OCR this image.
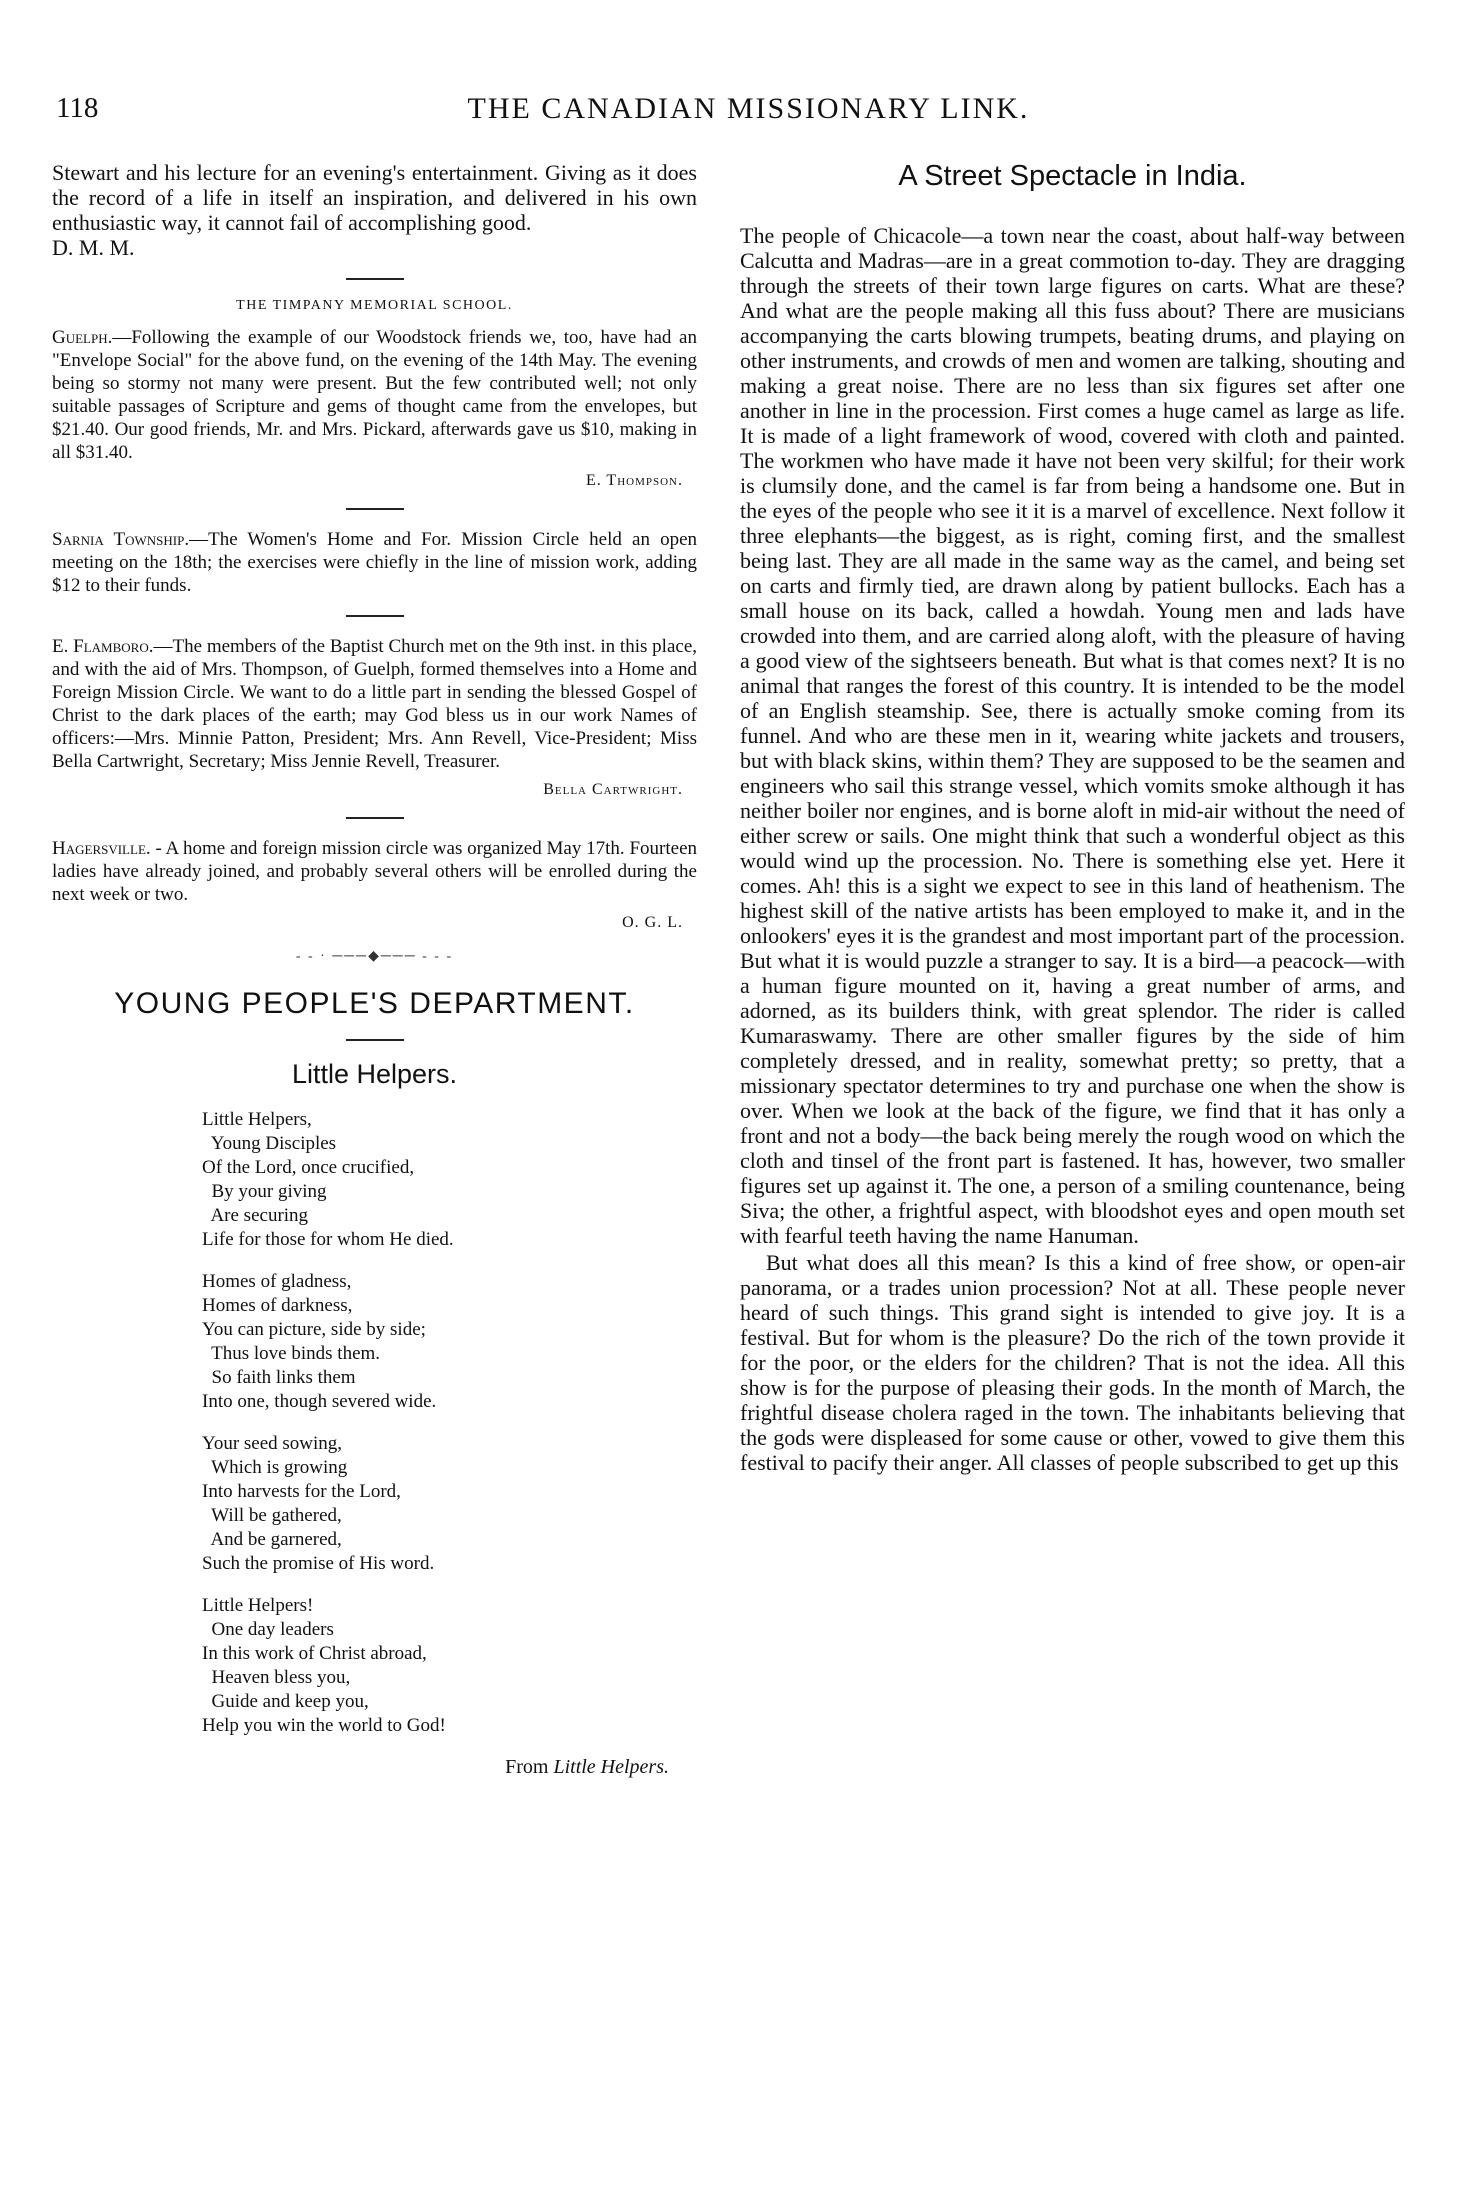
118	THE CANADIAN MISSIONARY LINK.

Stewart and his lecture for an evening's entertainment. Giving as it does the record of a life in itself an inspiration, and delivered in his own enthusiastic way, it cannot fail of accomplishing good.

D. M. M.

THE TIMPANY MEMORIAL SCHOOL.

Guelph.—Following the example of our Woodstock friends we, too, have had an "Envelope Social" for the above fund, on the evening of the 14th May. The evening being so stormy not many were present. But the few contributed well; not only suitable passages of Scripture and gems of thought came from the envelopes, but $21.40. Our good friends, Mr. and Mrs. Pickard, afterwards gave us $10, making in all $31.40.

E. Thompson.

Sarnia Township.—The Women's Home and For. Mission Circle held an open meeting on the 18th; the exercises were chiefly in the line of mission work, adding $12 to their funds.

E. Flamboro.—The members of the Baptist Church met on the 9th inst. in this place, and with the aid of Mrs. Thompson, of Guelph, formed themselves into a Home and Foreign Mission Circle. We want to do a little part in sending the blessed Gospel of Christ to the dark places of the earth; may God bless us in our work Names of officers:—Mrs. Minnie Patton, President; Mrs. Ann Revell, Vice-President; Miss Bella Cartwright, Secretary; Miss Jennie Revell, Treasurer.

Bella Cartwright.

Hagersville. - A home and foreign mission circle was organized May 17th. Fourteen ladies have already joined, and probably several others will be enrolled during the next week or two.

O. G. L.
- - · ───◆─── - - -
YOUNG PEOPLE'S DEPARTMENT.
Little Helpers.
Little Helpers,
Young Disciples
Of the Lord, once crucified,
By your giving
Are securing
Life for those for whom He died.
Homes of gladness,
Homes of darkness,
You can picture, side by side;
Thus love binds them.
So faith links them
Into one, though severed wide.
Your seed sowing,
Which is growing
Into harvests for the Lord,
Will be gathered,
And be garnered,
Such the promise of His word.
Little Helpers!
One day leaders
In this work of Christ abroad,
Heaven bless you,
Guide and keep you,
Help you win the world to God!
From Little Helpers.
A Street Spectacle in India.

The people of Chicacole—a town near the coast, about half-way between Calcutta and Madras—are in a great commotion to-day. They are dragging through the streets of their town large figures on carts. What are these? And what are the people making all this fuss about? There are musicians accompanying the carts blowing trumpets, beating drums, and playing on other instruments, and crowds of men and women are talking, shouting and making a great noise. There are no less than six figures set after one another in line in the procession. First comes a huge camel as large as life. It is made of a light framework of wood, covered with cloth and painted. The workmen who have made it have not been very skilful; for their work is clumsily done, and the camel is far from being a handsome one. But in the eyes of the people who see it it is a marvel of excellence. Next follow it three elephants—the biggest, as is right, coming first, and the smallest being last. They are all made in the same way as the camel, and being set on carts and firmly tied, are drawn along by patient bullocks. Each has a small house on its back, called a howdah. Young men and lads have crowded into them, and are carried along aloft, with the pleasure of having a good view of the sightseers beneath. But what is that comes next? It is no animal that ranges the forest of this country. It is intended to be the model of an English steamship. See, there is actually smoke coming from its funnel. And who are these men in it, wearing white jackets and trousers, but with black skins, within them? They are supposed to be the seamen and engineers who sail this strange vessel, which vomits smoke although it has neither boiler nor engines, and is borne aloft in mid-air without the need of either screw or sails. One might think that such a wonderful object as this would wind up the procession. No. There is something else yet. Here it comes. Ah! this is a sight we expect to see in this land of heathenism. The highest skill of the native artists has been employed to make it, and in the onlookers' eyes it is the grandest and most important part of the procession. But what it is would puzzle a stranger to say. It is a bird—a peacock—with a human figure mounted on it, having a great number of arms, and adorned, as its builders think, with great splendor. The rider is called Kumaraswamy. There are other smaller figures by the side of him completely dressed, and in reality, somewhat pretty; so pretty, that a missionary spectator determines to try and purchase one when the show is over. When we look at the back of the figure, we find that it has only a front and not a body—the back being merely the rough wood on which the cloth and tinsel of the front part is fastened. It has, however, two smaller figures set up against it. The one, a person of a smiling countenance, being Siva; the other, a frightful aspect, with bloodshot eyes and open mouth set with fearful teeth having the name Hanuman.

But what does all this mean? Is this a kind of free show, or open-air panorama, or a trades union procession? Not at all. These people never heard of such things. This grand sight is intended to give joy. It is a festival. But for whom is the pleasure? Do the rich of the town provide it for the poor, or the elders for the children? That is not the idea. All this show is for the purpose of pleasing their gods. In the month of March, the frightful disease cholera raged in the town. The inhabitants believing that the gods were displeased for some cause or other, vowed to give them this festival to pacify their anger. All classes of people subscribed to get up this
